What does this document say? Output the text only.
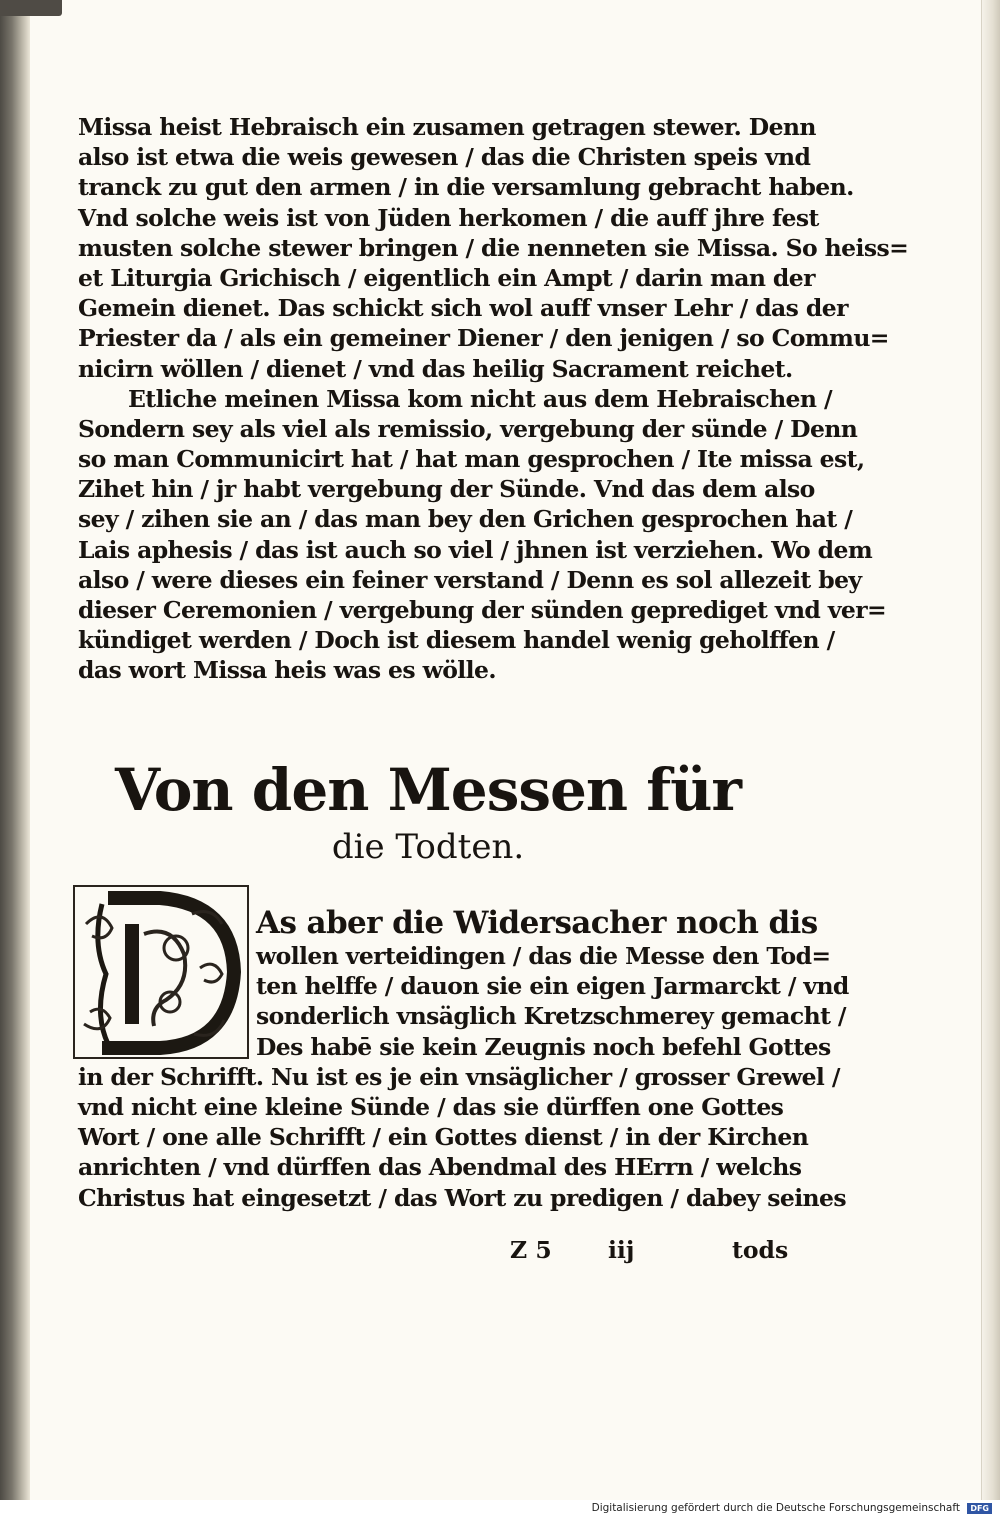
Missa heist Hebraisch ein zusamen getragen stewer. Denn
also ist etwa die weis gewesen / das die Christen speis vnd
tranck zu gut den armen / in die versamlung gebracht haben.
Vnd solche weis ist von Jüden herkomen / die auff jhre fest
musten solche stewer bringen / die nenneten sie Missa. So heiss=
et Liturgia Grichisch / eigentlich ein Ampt / darin man der
Gemein dienet. Das schickt sich wol auff vnser Lehr / das der
Priester da / als ein gemeiner Diener / den jenigen / so Commu=
nicirn wöllen / dienet / vnd das heilig Sacrament reichet.
Etliche meinen Missa kom nicht aus dem Hebraischen /
Sondern sey als viel als remissio, vergebung der sünde / Denn
so man Communicirt hat / hat man gesprochen / Ite missa est,
Zihet hin / jr habt vergebung der Sünde. Vnd das dem also
sey / zihen sie an / das man bey den Grichen gesprochen hat /
Lais aphesis / das ist auch so viel / jhnen ist verziehen. Wo dem
also / were dieses ein feiner verstand / Denn es sol allezeit bey
dieser Ceremonien / vergebung der sünden geprediget vnd ver=
kündiget werden / Doch ist diesem handel wenig geholffen /
das wort Missa heis was es wölle.
Von den Messen für
die Todten.
As aber die Widersacher noch dis
wollen verteidingen / das die Messe den Tod=
ten helffe / dauon sie ein eigen Jarmarckt / vnd
sonderlich vnsäglich Kretzschmerey gemacht /
Des habē sie kein Zeugnis noch befehl Gottes
in der Schrifft. Nu ist es je ein vnsäglicher / grosser Grewel /
vnd nicht eine kleine Sünde / das sie dürffen one Gottes
Wort / one alle Schrifft / ein Gottes dienst / in der Kirchen
anrichten / vnd dürffen das Abendmal des HErrn / welchs
Christus hat eingesetzt / das Wort zu predigen / dabey seines
Z 5 iij	tods
Digitalisierung gefördert durch die Deutsche Forschungsgemeinschaft	DFG
